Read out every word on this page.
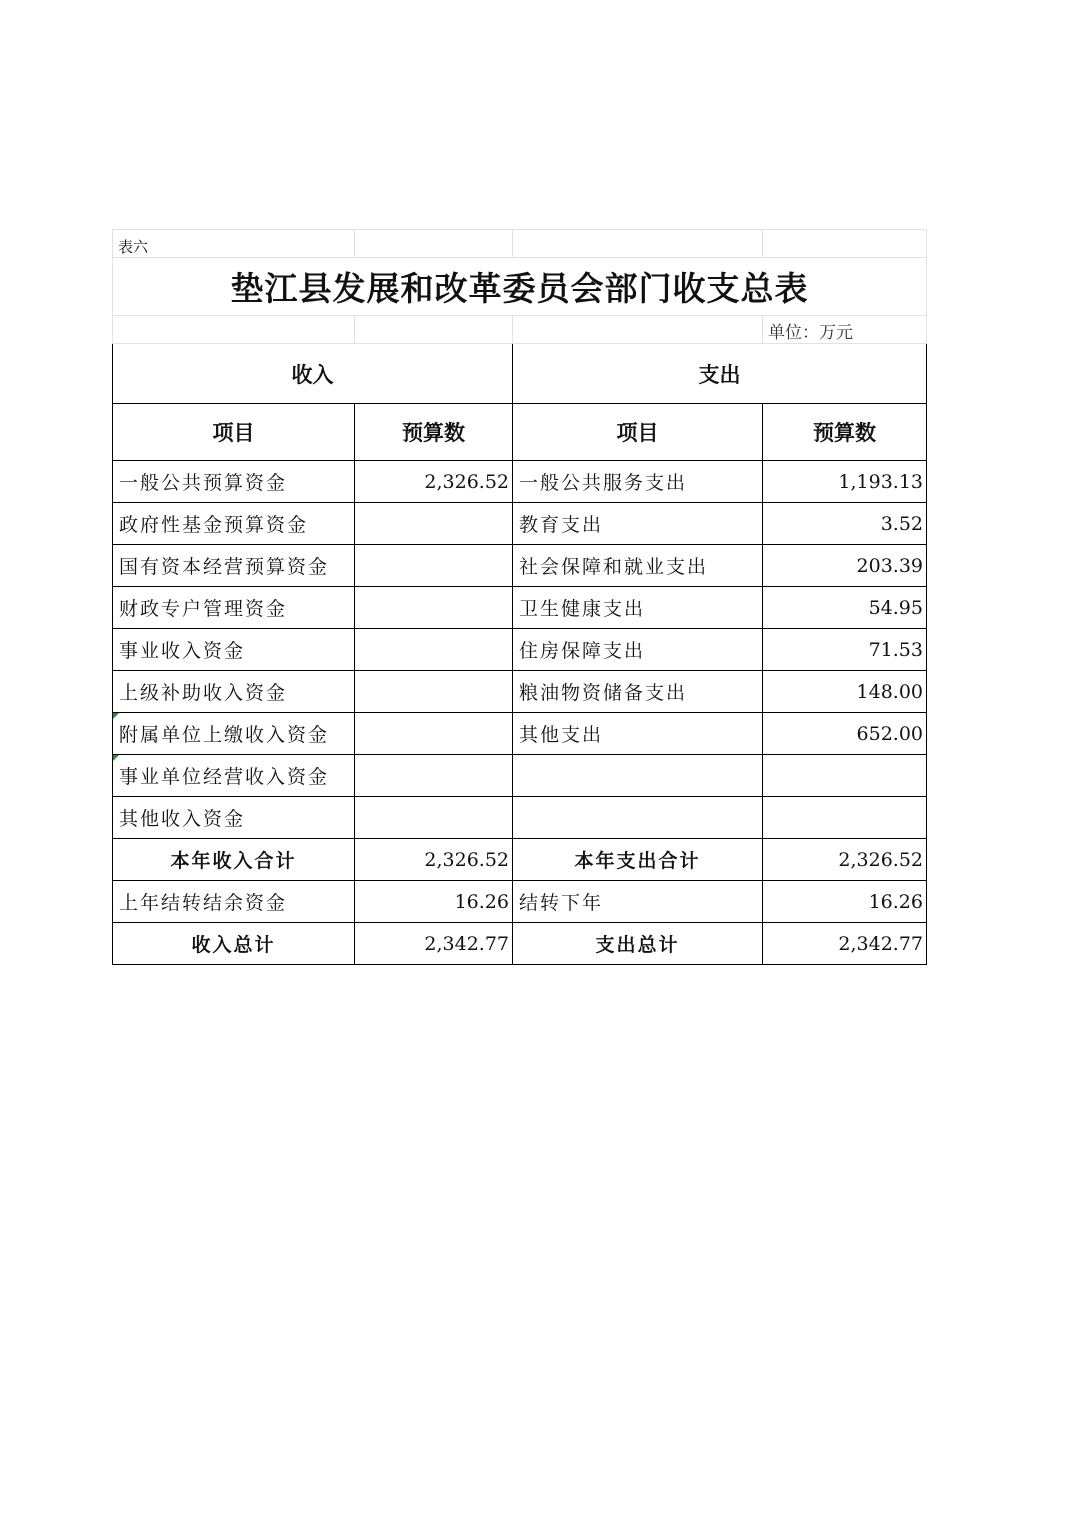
表六			
垫江县发展和改革委员会部门收支总表			
			单位：万元
收入		支出	
项目	预算数	项目	预算数
一般公共预算资金	2,326.52	一般公共服务支出	1,193.13
政府性基金预算资金		教育支出	3.52
国有资本经营预算资金		社会保障和就业支出	203.39
财政专户管理资金		卫生健康支出	54.95
事业收入资金		住房保障支出	71.53
上级补助收入资金		粮油物资储备支出	148.00
附属单位上缴收入资金		其他支出	652.00
事业单位经营收入资金			
其他收入资金			
本年收入合计	2,326.52	本年支出合计	2,326.52
上年结转结余资金	16.26	结转下年	16.26
收入总计	2,342.77	支出总计	2,342.77
